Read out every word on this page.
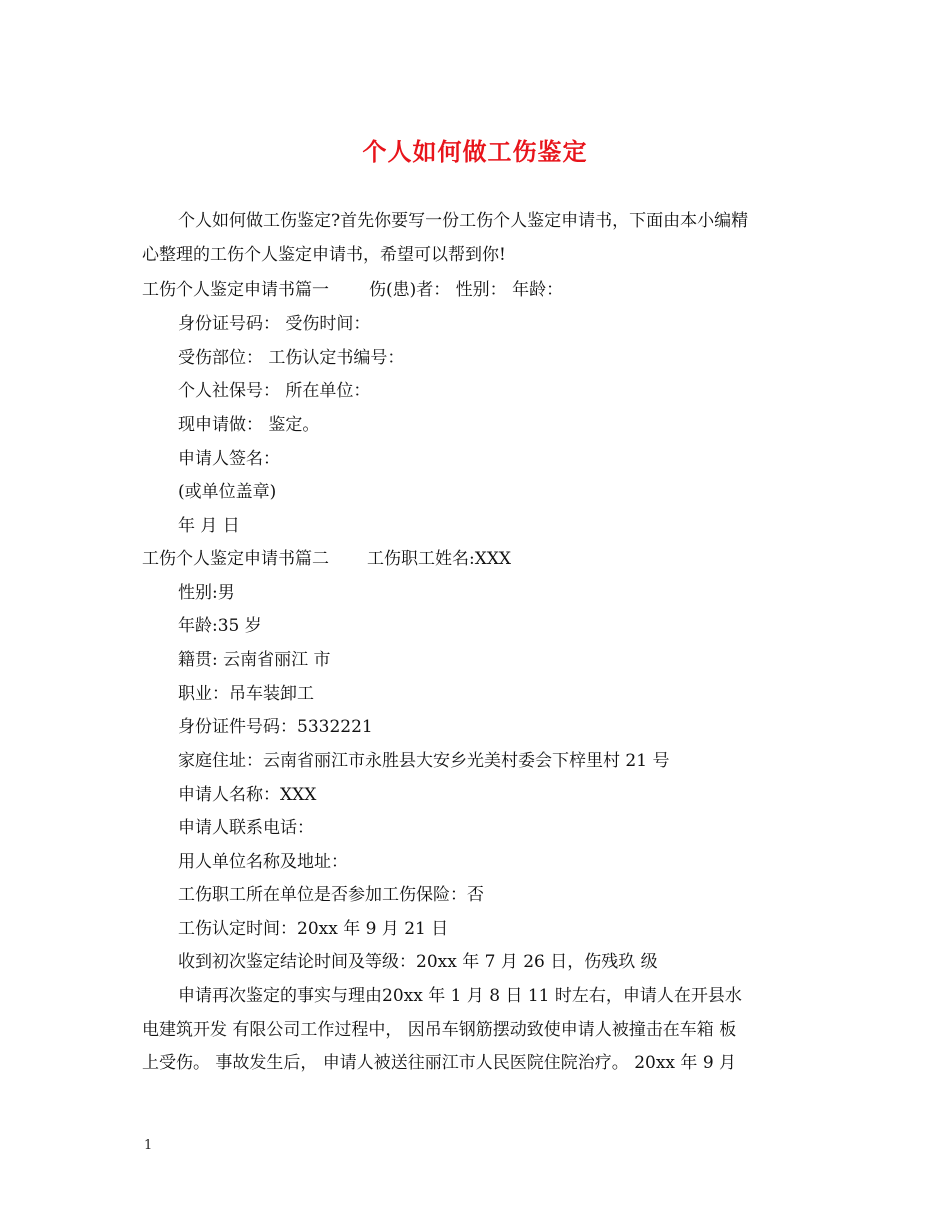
个人如何做工伤鉴定
个人如何做工伤鉴定?首先你要写一份工伤个人鉴定申请书，下面由本小编精
心整理的工伤个人鉴定申请书，希望可以帮到你!
工伤个人鉴定申请书篇一 伤(患)者： 性别： 年龄：
身份证号码： 受伤时间：
受伤部位： 工伤认定书编号：
个人社保号： 所在单位：
现申请做： 鉴定。
申请人签名：
(或单位盖章)
年 月 日
工伤个人鉴定申请书篇二 工伤职工姓名:XXX
性别:男
年龄:35 岁
籍贯: 云南省丽江 市
职业：吊车装卸工
身份证件号码：5332221
家庭住址：云南省丽江市永胜县大安乡光美村委会下梓里村 21 号
申请人名称：XXX
申请人联系电话：
用人单位名称及地址：
工伤职工所在单位是否参加工伤保险：否
工伤认定时间：20xx 年 9 月 21 日
收到初次鉴定结论时间及等级：20xx 年 7 月 26 日，伤残玖 级
申请再次鉴定的事实与理由20xx 年 1 月 8 日 11 时左右，申请人在开县水
电建筑开发 有限公司工作过程中， 因吊车钢筋摆动致使申请人被撞击在车箱 板
上受伤。 事故发生后， 申请人被送往丽江市人民医院住院治疗。 20xx 年 9 月
1
